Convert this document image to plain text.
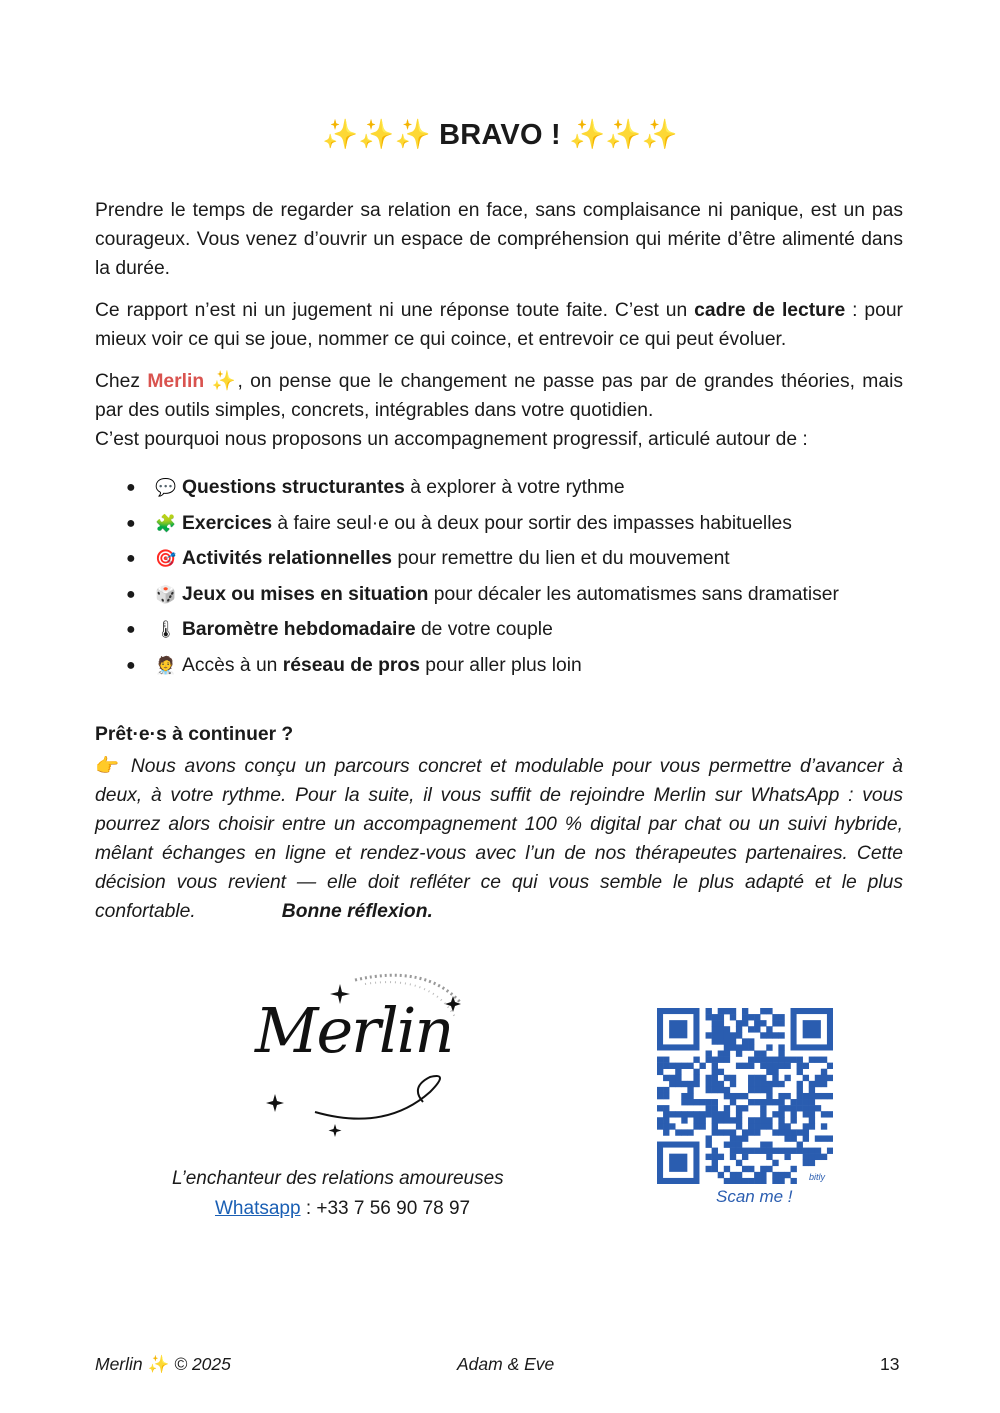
✨✨✨ BRAVO ! ✨✨✨

Prendre le temps de regarder sa relation en face, sans complaisance ni panique, est un pas courageux. Vous venez d’ouvrir un espace de compréhension qui mérite d’être alimenté dans la durée.

Ce rapport n’est ni un jugement ni une réponse toute faite. C’est un cadre de lecture : pour mieux voir ce qui se joue, nommer ce qui coince, et entrevoir ce qui peut évoluer.

Chez Merlin ✨, on pense que le changement ne passe pas par de grandes théories, mais par des outils simples, concrets, intégrables dans votre quotidien.

C’est pourquoi nous proposons un accompagnement progressif, articulé autour de :
● 💬 Questions structurantes à explorer à votre rythme
● 🧩 Exercices à faire seul·e ou à deux pour sortir des impasses habituelles
● 🎯 Activités relationnelles pour remettre du lien et du mouvement
● 🎲 Jeux ou mises en situation pour décaler les automatismes sans dramatiser
● 🌡 Baromètre hebdomadaire de votre couple
● 🧑‍⚕️ Accès à un réseau de pros pour aller plus loin
Prêt·e·s à continuer ?

👉 Nous avons conçu un parcours concret et modulable pour vous permettre d’avancer à deux, à votre rythme. Pour la suite, il vous suffit de rejoindre Merlin sur WhatsApp : vous pourrez alors choisir entre un accompagnement 100 % digital par chat ou un suivi hybride, mêlant échanges en ligne et rendez-vous avec l’un de nos thérapeutes partenaires. Cette décision vous revient — elle doit refléter ce qui vous semble le plus adapté et le plus confortable.	Bonne réflexion.

Merlin
L’enchanteur des relations amoureuses
Whatsapp : +33 7 56 90 78 97
bitly
Scan me !
Merlin ✨ © 2025	Adam & Eve	13
